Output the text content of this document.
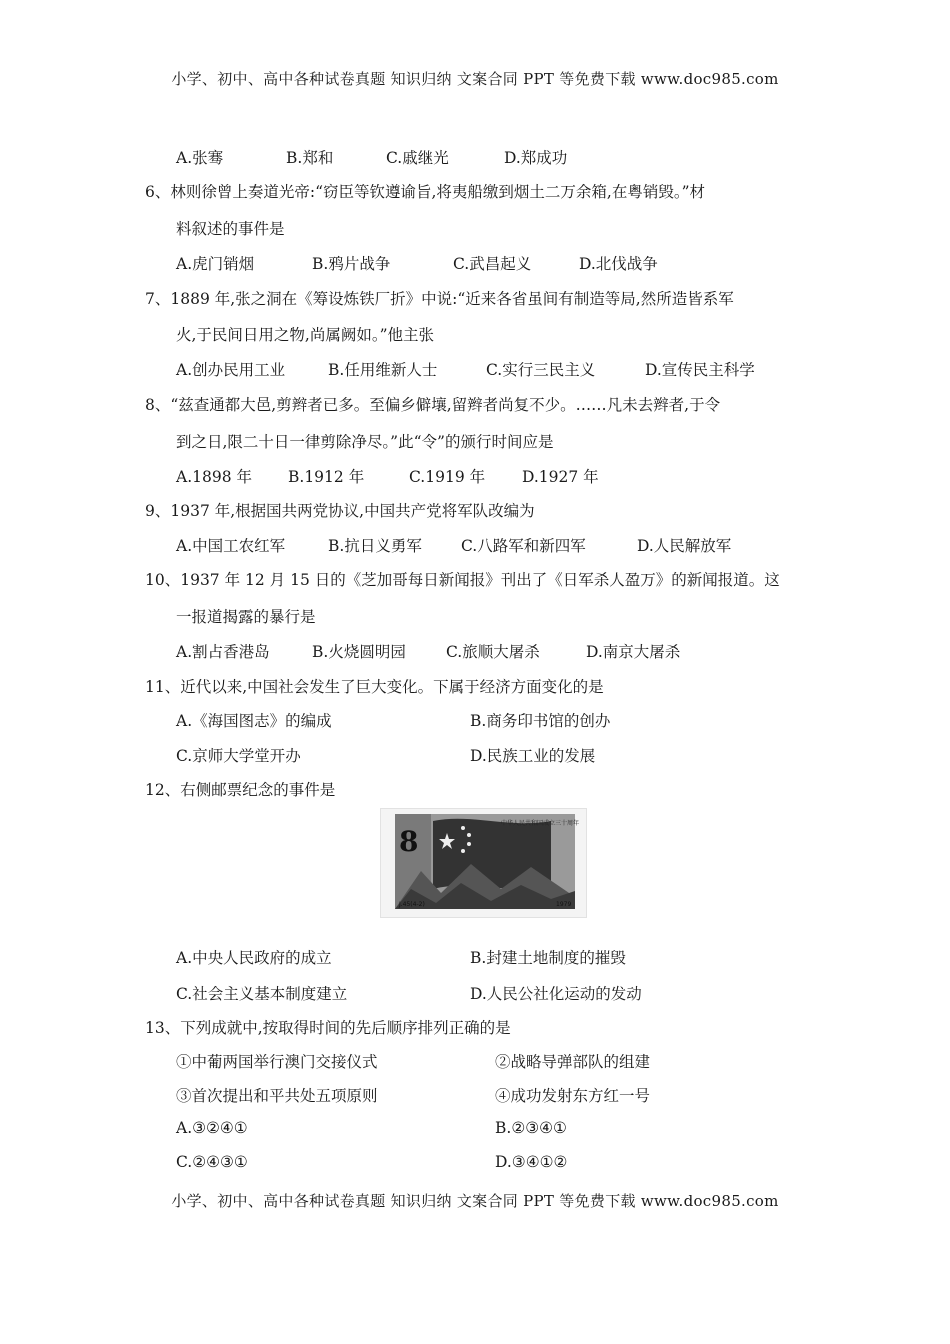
小学、初中、高中各种试卷真题 知识归纳 文案合同 PPT 等免费下载 www.doc985.com
A.张骞	B.郑和	C.戚继光	D.郑成功
6、林则徐曾上奏道光帝:“窃臣等钦遵谕旨,将夷船缴到烟土二万余箱,在粤销毁。”材
料叙述的事件是
A.虎门销烟	B.鸦片战争	C.武昌起义	D.北伐战争
7、1889 年,张之洞在《筹设炼铁厂折》中说:“近来各省虽间有制造等局,然所造皆系军
火,于民间日用之物,尚属阙如。”他主张
A.创办民用工业	B.任用维新人士	C.实行三民主义	D.宣传民主科学
8、“兹查通都大邑,剪辫者已多。至偏乡僻壤,留辫者尚复不少。……凡未去辫者,于令
到之日,限二十日一律剪除净尽。”此“令”的颁行时间应是
A.1898 年 B.1912 年	C.1919 年 D.1927 年
9、1937 年,根据国共两党协议,中国共产党将军队改编为
A.中国工农红军	B.抗日义勇军	C.八路军和新四军	D.人民解放军
10、1937 年 12 月 15 日的《芝加哥每日新闻报》刊出了《日军杀人盈万》的新闻报道。这
一报道揭露的暴行是
A.割占香港岛	B.火烧圆明园	C.旅顺大屠杀	D.南京大屠杀
11、近代以来,中国社会发生了巨大变化。下属于经济方面变化的是
A.《海国图志》的编成	B.商务印书馆的创办
C.京师大学堂开办	D.民族工业的发展
12、右侧邮票纪念的事件是
8
中华人民共和国成立三十周年
J.45(4-2)	1979
A.中央人民政府的成立	B.封建土地制度的摧毁
C.社会主义基本制度建立	D.人民公社化运动的发动
13、下列成就中,按取得时间的先后顺序排列正确的是
①中葡两国举行澳门交接仪式	②战略导弹部队的组建
③首次提出和平共处五项原则	④成功发射东方红一号
A.③②④①	B.②③④①
C.②④③①	D.③④①②
小学、初中、高中各种试卷真题 知识归纳 文案合同 PPT 等免费下载 www.doc985.com
